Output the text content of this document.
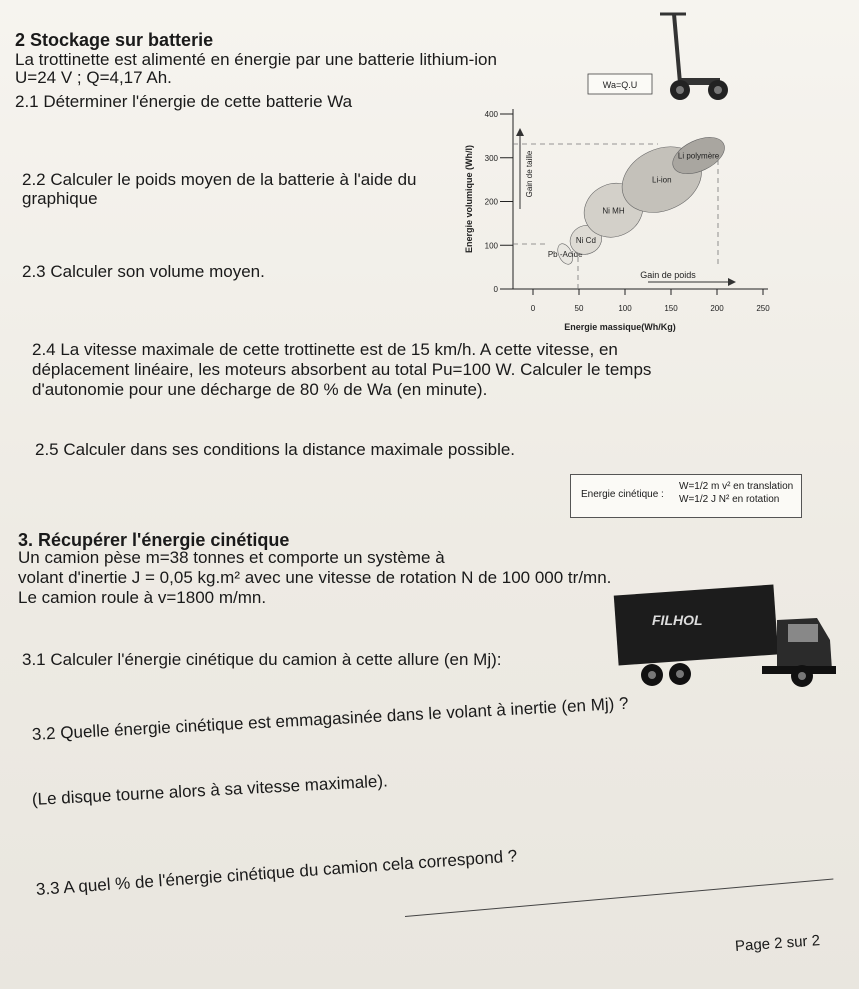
2 Stockage sur batterie
La trottinette est alimenté en énergie par une batterie lithium-ion
U=24 V ; Q=4,17 Ah.
2.1 Déterminer l'énergie de cette batterie Wa
2.2 Calculer le poids moyen de la batterie à l'aide du
graphique
2.3 Calculer son volume moyen.
2.4 La vitesse maximale de cette trottinette est de 15 km/h. A cette vitesse, en
déplacement linéaire, les moteurs absorbent au total Pu=100 W. Calculer le temps
d'autonomie pour une décharge de 80 % de Wa (en minute).
2.5 Calculer dans ses conditions la distance maximale possible.
Wa=Q.U
Pb -Acide
Ni Cd
Ni MH
Li-ion
Li polymère
0	50	100	150	200	250
0
100
200
300
400
Energie massique(Wh/Kg)
Gain de poids
Energie volumique (Wh/l)	Gain de taille
Energie cinétique :
W=1/2 m v² en translation
W=1/2 J N² en rotation
3. Récupérer l'énergie cinétique
Un camion pèse m=38 tonnes et comporte un système à
volant d'inertie J = 0,05 kg.m² avec une vitesse de rotation N de 100 000 tr/mn.
Le camion roule à v=1800 m/mn.
3.1 Calculer l'énergie cinétique du camion à cette allure (en Mj):
FILHOL
3.2 Quelle énergie cinétique est emmagasinée dans le volant à inertie (en Mj) ?
(Le disque tourne alors à sa vitesse maximale).
3.3 A quel % de l'énergie cinétique du camion cela correspond ?
Page 2 sur 2
